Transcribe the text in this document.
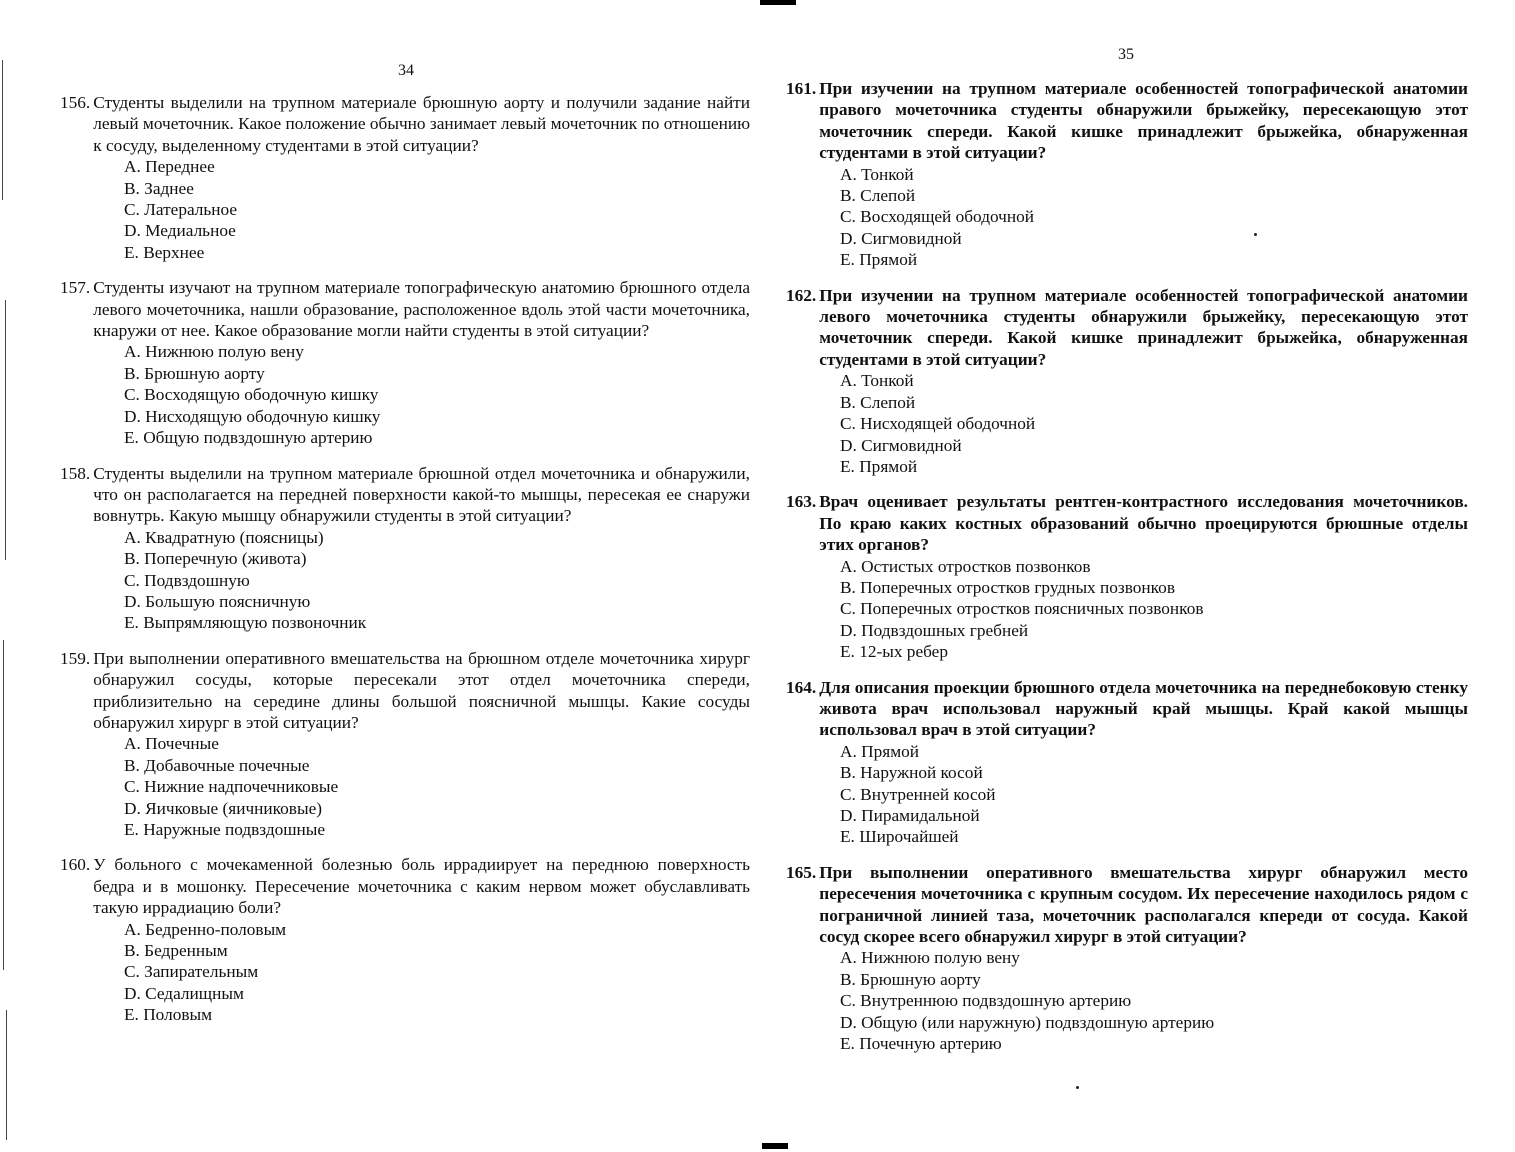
34
156. Студенты выделили на трупном материале брюшную аорту и получили задание найти левый мочеточник. Какое положение обычно занимает левый мочеточник по отношению к сосуду, выделенному студентами в этой ситуации?
A. Переднее
B. Заднее
C. Латеральное
D. Медиальное
E. Верхнее
157. Студенты изучают на трупном материале топографическую анатомию брюшного отдела левого мочеточника, нашли образование, расположенное вдоль этой части мочеточника, кнаружи от нее. Какое образование могли найти студенты в этой ситуации?
A. Нижнюю полую вену
B. Брюшную аорту
C. Восходящую ободочную кишку
D. Нисходящую ободочную кишку
E. Общую подвздошную артерию
158. Студенты выделили на трупном материале брюшной отдел мочеточника и обнаружили, что он располагается на передней поверхности какой-то мышцы, пересекая ее снаружи вовнутрь. Какую мышцу обнаружили студенты в этой ситуации?
A. Квадратную (поясницы)
B. Поперечную (живота)
C. Подвздошную
D. Большую поясничную
E. Выпрямляющую позвоночник
159. При выполнении оперативного вмешательства на брюшном отделе мочеточника хирург обнаружил сосуды, которые пересекали этот отдел мочеточника спереди, приблизительно на середине длины большой поясничной мышцы. Какие сосуды обнаружил хирург в этой ситуации?
A. Почечные
B. Добавочные почечные
C. Нижние надпочечниковые
D. Яичковые (яичниковые)
E. Наружные подвздошные
160. У больного с мочекаменной болезнью боль иррадиирует на переднюю поверхность бедра и в мошонку. Пересечение мочеточника с каким нервом может обуславливать такую иррадиацию боли?
A. Бедренно-половым
B. Бедренным
C. Запирательным
D. Седалищным
E. Половым
35
161. При изучении на трупном материале особенностей топографической анатомии правого мочеточника студенты обнаружили брыжейку, пересекающую этот мочеточник спереди. Какой кишке принадлежит брыжейка, обнаруженная студентами в этой ситуации?
A. Тонкой
B. Слепой
C. Восходящей ободочной
D. Сигмовидной
E. Прямой
162. При изучении на трупном материале особенностей топографической анатомии левого мочеточника студенты обнаружили брыжейку, пересекающую этот мочеточник спереди. Какой кишке принадлежит брыжейка, обнаруженная студентами в этой ситуации?
A. Тонкой
B. Слепой
C. Нисходящей ободочной
D. Сигмовидной
E. Прямой
163. Врач оценивает результаты рентген-контрастного исследования мочеточников. По краю каких костных образований обычно проецируются брюшные отделы этих органов?
A. Остистых отростков позвонков
B. Поперечных отростков грудных позвонков
C. Поперечных отростков поясничных позвонков
D. Подвздошных гребней
E. 12-ых ребер
164. Для описания проекции брюшного отдела мочеточника на переднебоковую стенку живота врач использовал наружный край мышцы. Край какой мышцы использовал врач в этой ситуации?
A. Прямой
B. Наружной косой
C. Внутренней косой
D. Пирамидальной
E. Широчайшей
165. При выполнении оперативного вмешательства хирург обнаружил место пересечения мочеточника с крупным сосудом. Их пересечение находилось рядом с пограничной линией таза, мочеточник располагался кпереди от сосуда. Какой сосуд скорее всего обнаружил хирург в этой ситуации?
A. Нижнюю полую вену
B. Брюшную аорту
C. Внутреннюю подвздошную артерию
D. Общую (или наружную) подвздошную артерию
E. Почечную артерию
